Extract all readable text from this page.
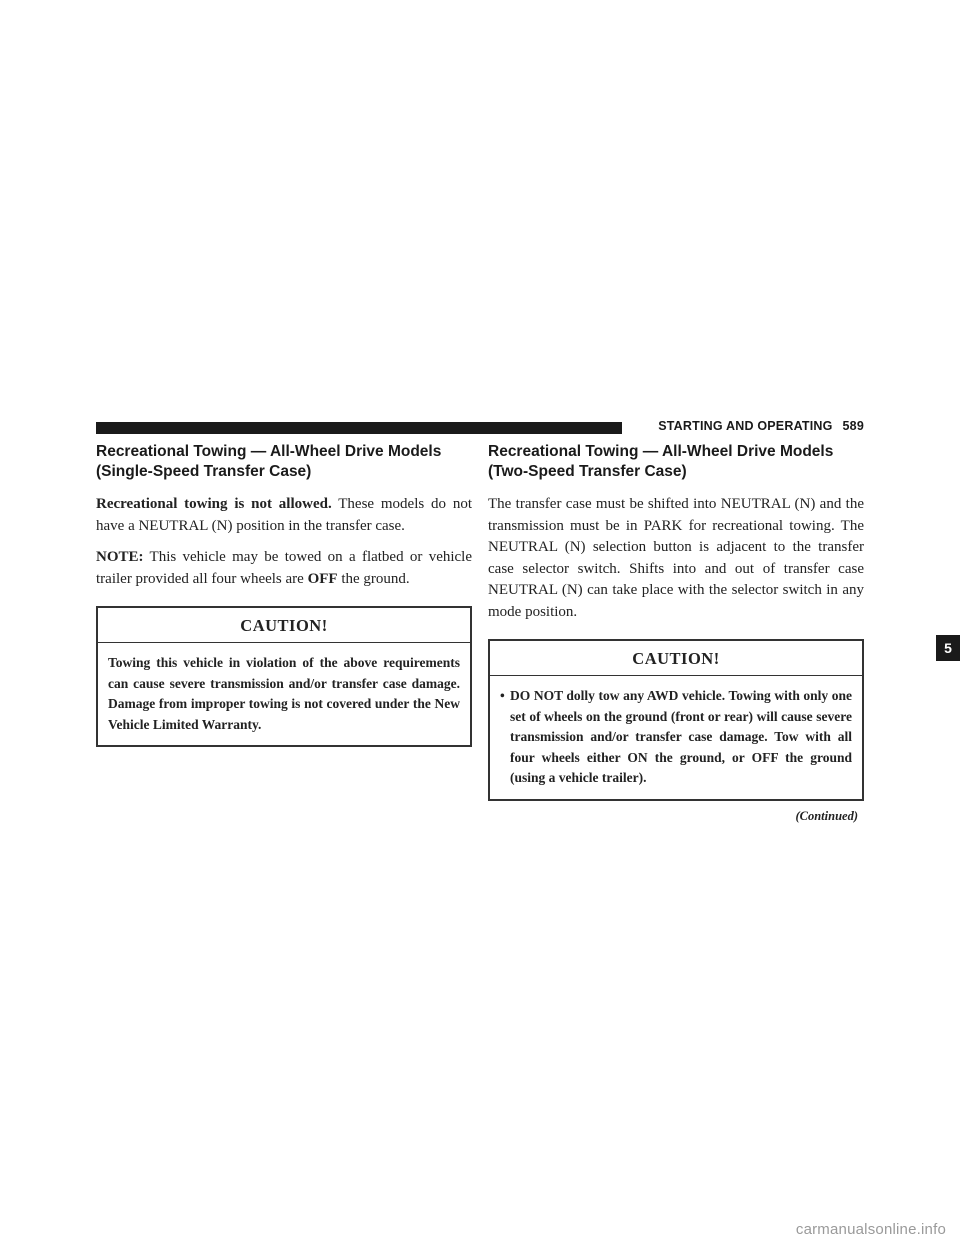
STARTING AND OPERATING 589
Recreational Towing — All-Wheel Drive Models
(Single-Speed Transfer Case)

Recreational towing is not allowed. These models do not have a NEUTRAL (N) position in the transfer case.

NOTE: This vehicle may be towed on a flatbed or vehicle trailer provided all four wheels are OFF the ground.

CAUTION!
Towing this vehicle in violation of the above requirements can cause severe transmission and/or transfer case damage. Damage from improper towing is not covered under the New Vehicle Limited Warranty.
Recreational Towing — All-Wheel Drive Models
(Two-Speed Transfer Case)

The transfer case must be shifted into NEUTRAL (N) and the transmission must be in PARK for recreational towing. The NEUTRAL (N) selection button is adjacent to the transfer case selector switch. Shifts into and out of transfer case NEUTRAL (N) can take place with the selector switch in any mode position.

CAUTION!
• DO NOT dolly tow any AWD vehicle. Towing with only one set of wheels on the ground (front or rear) will cause severe transmission and/or transfer case damage. Tow with all four wheels either ON the ground, or OFF the ground (using a vehicle trailer).
(Continued)
5
carmanualsonline.info
